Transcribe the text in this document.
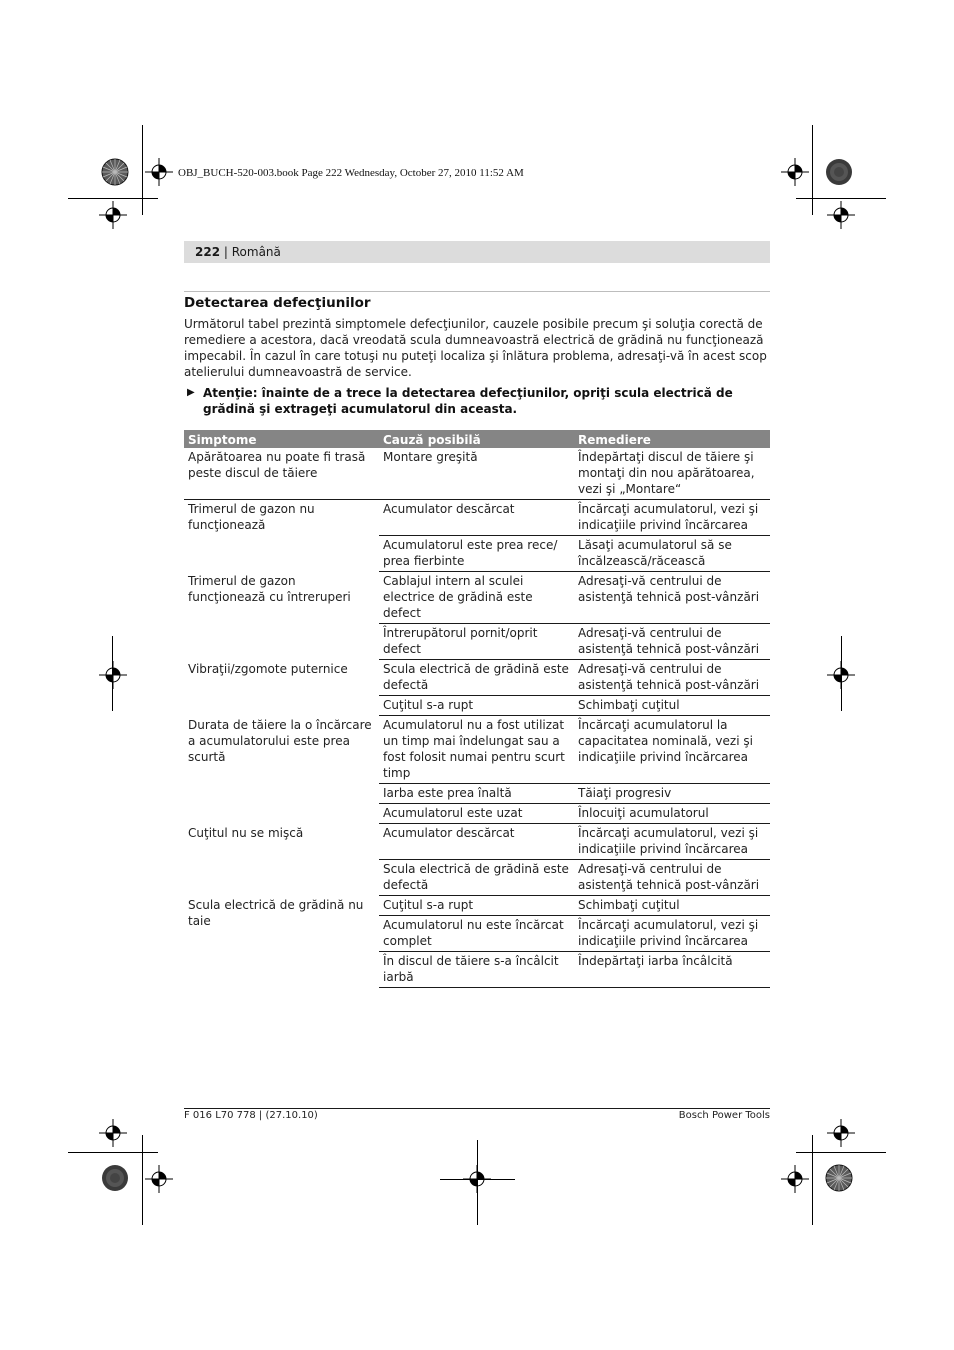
OBJ_BUCH-520-003.book Page 222 Wednesday, October 27, 2010 11:52 AM
222 | Română
Detectarea defecţiunilor

Următorul tabel prezintă simptomele defecţiunilor, cauzele posibile precum şi soluţia corectă de remediere a acestora, dacă vreodată scula dumneavoastră electrică de grădină nu funcţionează impecabil. În cazul în care totuşi nu puteţi localiza şi înlătura problema, adresaţi-vă în acest scop atelierului dumneavoastră de service.

▶ Atenţie: înainte de a trece la detectarea defecţiunilor, opriţi scula electrică de grădină şi extrageţi acumulatorul din aceasta.
Simptome	Cauză posibilă	Remediere
Apărătoarea nu poate fi trasă peste discul de tăiere	Montare greşită	Îndepărtaţi discul de tăiere şi montaţi din nou apărătoarea, vezi şi „Montare“
Trimerul de gazon nu funcţionează	Acumulator descărcat	Încărcaţi acumulatorul, vezi şi indicaţiile privind încărcarea
	Acumulatorul este prea rece/ prea fierbinte	Lăsaţi acumulatorul să se încălzească/răcească
Trimerul de gazon funcţionează cu întreruperi	Cablajul intern al sculei electrice de grădină este defect	Adresaţi-vă centrului de asistenţă tehnică post-vânzări
	Întrerupătorul pornit/oprit defect	Adresaţi-vă centrului de asistenţă tehnică post-vânzări
Vibraţii/zgomote puternice	Scula electrică de grădină este defectă	Adresaţi-vă centrului de asistenţă tehnică post-vânzări
	Cuţitul s-a rupt	Schimbaţi cuţitul
Durata de tăiere la o încărcare a acumulatorului este prea scurtă	Acumulatorul nu a fost utilizat un timp mai îndelungat sau a fost folosit numai pentru scurt timp	Încărcaţi acumulatorul la capacitatea nominală, vezi şi indicaţiile privind încărcarea
	Iarba este prea înaltă	Tăiaţi progresiv
	Acumulatorul este uzat	Înlocuiţi acumulatorul
Cuţitul nu se mişcă	Acumulator descărcat	Încărcaţi acumulatorul, vezi şi indicaţiile privind încărcarea
	Scula electrică de grădină este defectă	Adresaţi-vă centrului de asistenţă tehnică post-vânzări
Scula electrică de grădină nu taie	Cuţitul s-a rupt	Schimbaţi cuţitul
	Acumulatorul nu este încărcat complet	Încărcaţi acumulatorul, vezi şi indicaţiile privind încărcarea
	În discul de tăiere s-a încâlcit iarbă	Îndepărtaţi iarba încâlcită
F 016 L70 778 | (27.10.10)	Bosch Power Tools
